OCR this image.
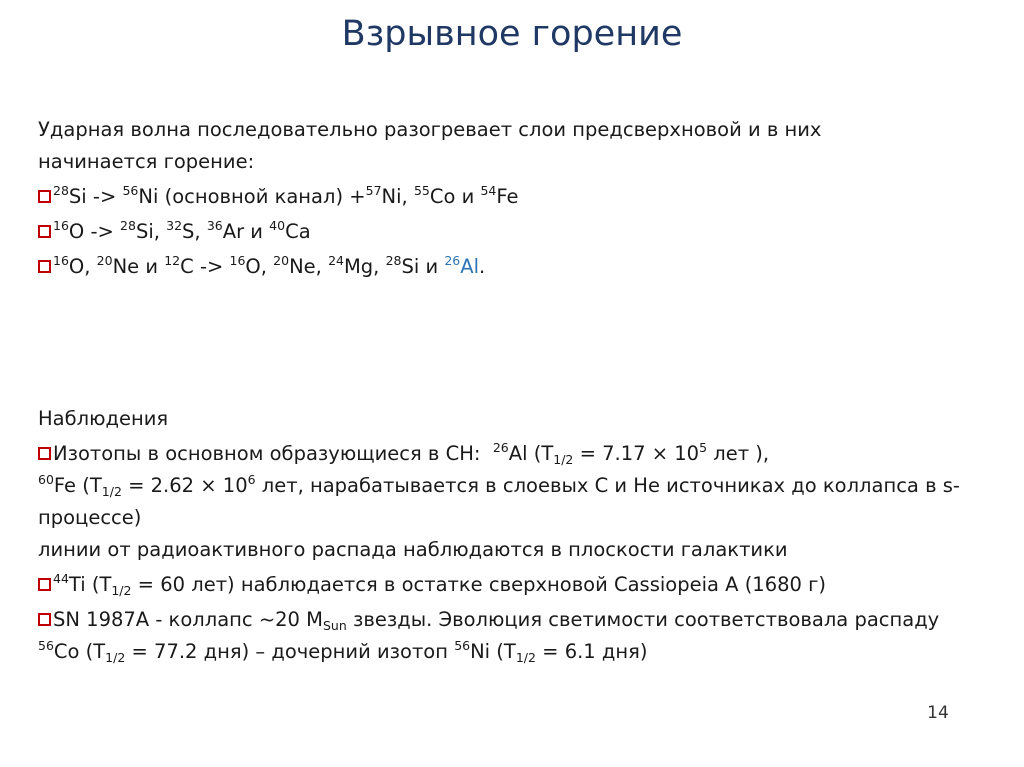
Взрывное горение
Ударная волна последовательно разогревает слои предсверхновой и в них
начинается горение:
$^{28}$Si -> $^{56}$Ni (основной канал) +$^{57}$Ni, $^{55}$Co и $^{54}$Fe
$^{16}$O -> $^{28}$Si, $^{32}$S, $^{36}$Ar и $^{40}$Ca
$^{16}$O, $^{20}$Ne и $^{12}$C -> $^{16}$O, $^{20}$Ne, $^{24}$Mg, $^{28}$Si и $^{26}$Al.
Наблюдения
Изотопы в основном образующиеся в СН:  $^{26}$Al ($T_{1/2} = 7.17 \times 10^5$ лет ),
$^{60}$Fe ($T_{1/2} = 2.62 \times 10^6$ лет, нарабатывается в слоевых С и Не источниках до коллапса в s-
процессе)
линии от радиоактивного распада наблюдаются в плоскости галактики
$^{44}$Ti ($T_{1/2} = 60$ лет) наблюдается в остатке сверхновой Cassiopeia A (1680 г)
SN 1987A - коллапс ~20 $M_{Sun}$ звезды. Эволюция светимости соответствовала распаду
$^{56}$Co ($T_{1/2} = 77.2$ дня) – дочерний изотоп $^{56}$Ni ($T_{1/2} = 6.1$ дня)
14
